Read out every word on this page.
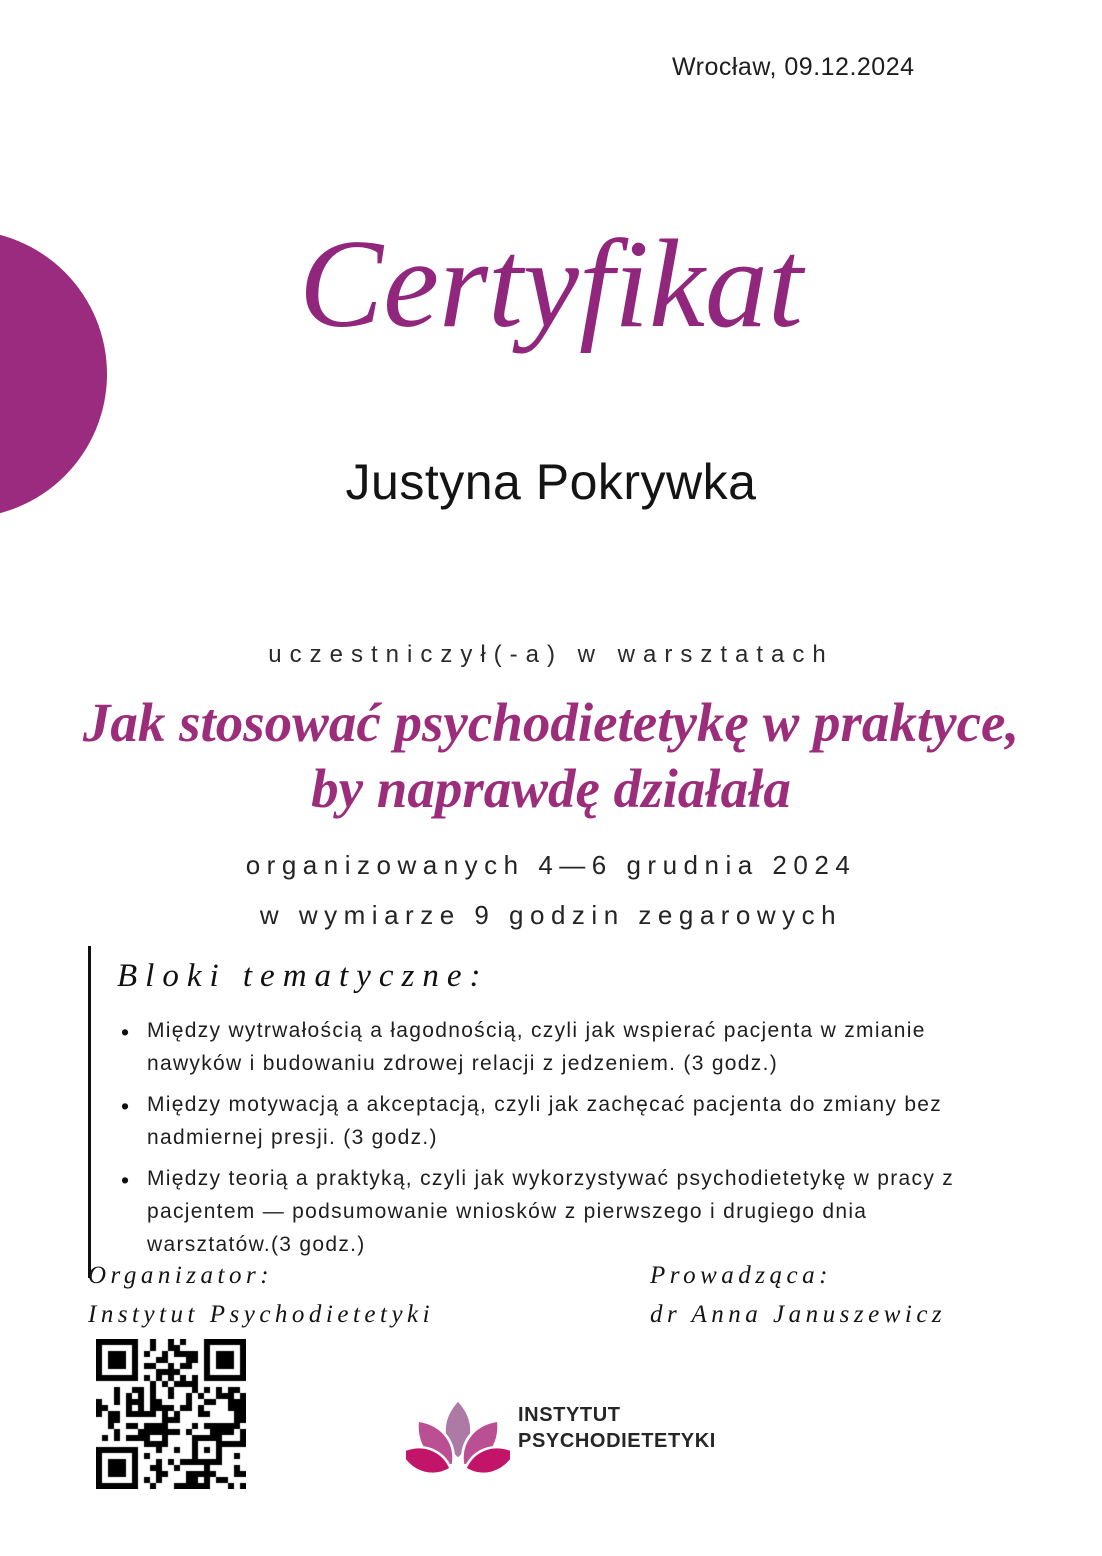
Wrocław, 09.12.2024
Certyfikat
Justyna Pokrywka
uczestniczył(-a) w warsztatach
Jak stosować psychodietetykę w praktyce,
by naprawdę działała
organizowanych 4—6 grudnia 2024
w wymiarze 9 godzin zegarowych
Bloki tematyczne:
• Między wytrwałością a łagodnością, czyli jak wspierać pacjenta w zmianie nawyków i budowaniu zdrowej relacji z jedzeniem. (3 godz.)
• Między motywacją a akceptacją, czyli jak zachęcać pacjenta do zmiany bez nadmiernej presji. (3 godz.)
• Między teorią a praktyką, czyli jak wykorzystywać psychodietetykę w pracy z pacjentem — podsumowanie wniosków z pierwszego i drugiego dnia warsztatów.(3 godz.)
Organizator:
Instytut Psychodietetyki
Prowadząca:
dr Anna Januszewicz
INSTYTUT
PSYCHODIETETYKI
